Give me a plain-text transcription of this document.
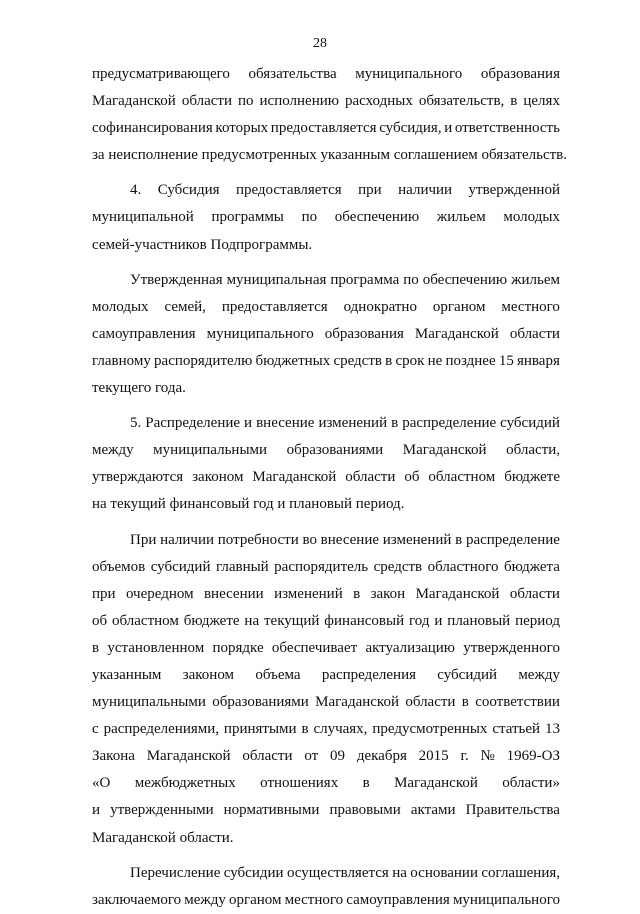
28
предусматривающего обязательства муниципального образования
Магаданской области по исполнению расходных обязательств, в целях
софинансирования которых предоставляется субсидия, и ответственность
за неисполнение предусмотренных указанным соглашением обязательств.
4. Субсидия предоставляется при наличии утвержденной
муниципальной программы по обеспечению жильем молодых
семей-участников Подпрограммы.
Утвержденная муниципальная программа по обеспечению жильем
молодых семей, предоставляется однократно органом местного
самоуправления муниципального образования Магаданской области
главному распорядителю бюджетных средств в срок не позднее 15 января
текущего года.
5. Распределение и внесение изменений в распределение субсидий
между муниципальными образованиями Магаданской области,
утверждаются законом Магаданской области об областном бюджете
на текущий финансовый год и плановый период.
При наличии потребности во внесение изменений в распределение
объемов субсидий главный распорядитель средств областного бюджета
при очередном внесении изменений в закон Магаданской области
об областном бюджете на текущий финансовый год и плановый период
в установленном порядке обеспечивает актуализацию утвержденного
указанным законом объема распределения субсидий между
муниципальными образованиями Магаданской области в соответствии
с распределениями, принятыми в случаях, предусмотренных статьей 13
Закона Магаданской области от 09 декабря 2015 г. № 1969-ОЗ
«О межбюджетных отношениях в Магаданской области»
и утвержденными нормативными правовыми актами Правительства
Магаданской области.
Перечисление субсидии осуществляется на основании соглашения,
заключаемого между органом местного самоуправления муниципального
